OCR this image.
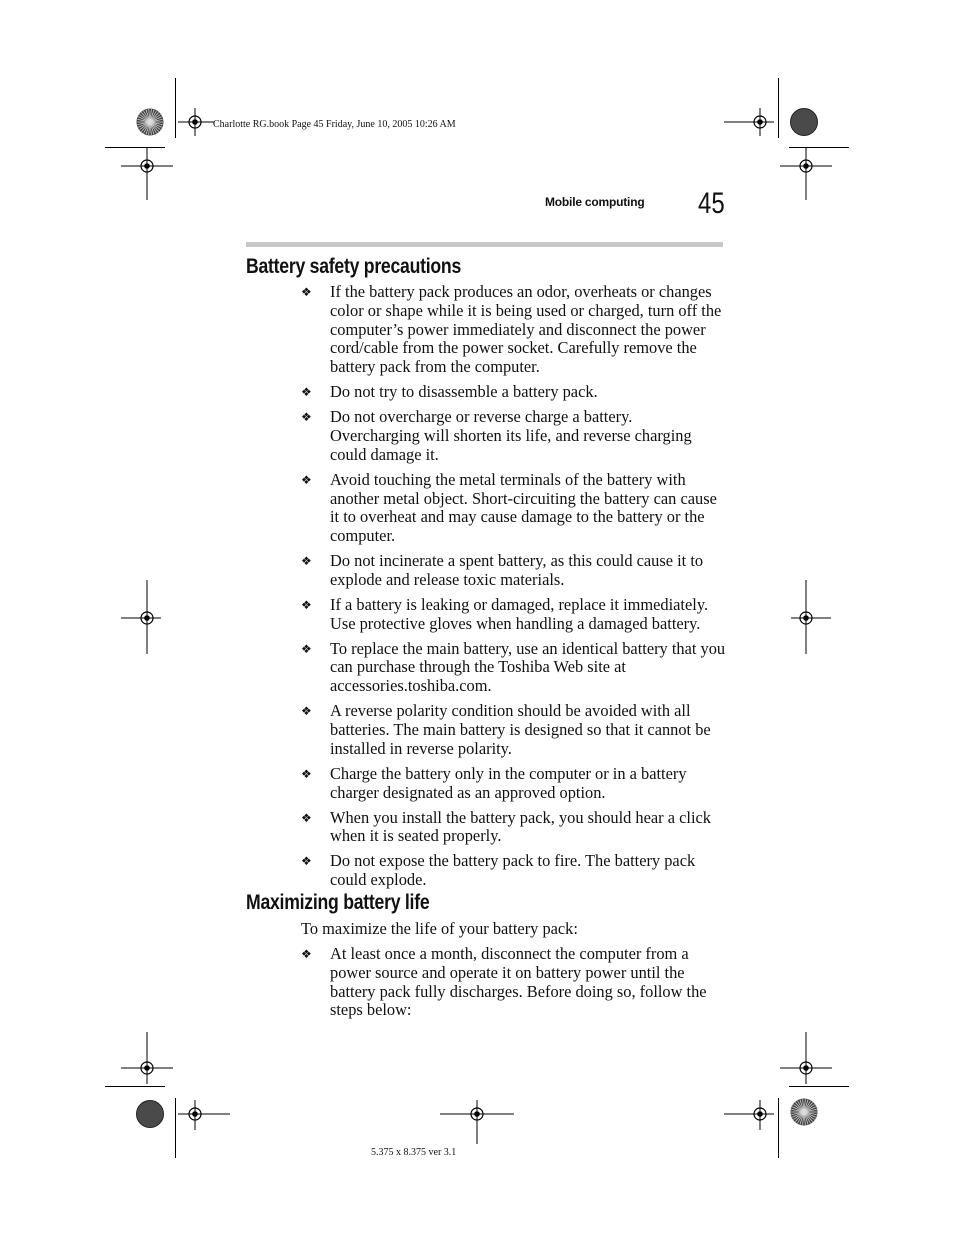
Charlotte RG.book Page 45 Friday, June 10, 2005 10:26 AM
Mobile computing 45
Battery safety precautions
❖ If the battery pack produces an odor, overheats or changes color or shape while it is being used or charged, turn off the computer’s power immediately and disconnect the power cord/cable from the power socket. Carefully remove the battery pack from the computer.
❖ Do not try to disassemble a battery pack.
❖ Do not overcharge or reverse charge a battery. Overcharging will shorten its life, and reverse charging could damage it.
❖ Avoid touching the metal terminals of the battery with another metal object. Short-circuiting the battery can cause it to overheat and may cause damage to the battery or the computer.
❖ Do not incinerate a spent battery, as this could cause it to explode and release toxic materials.
❖ If a battery is leaking or damaged, replace it immediately. Use protective gloves when handling a damaged battery.
❖ To replace the main battery, use an identical battery that you can purchase through the Toshiba Web site at accessories.toshiba.com.
❖ A reverse polarity condition should be avoided with all batteries. The main battery is designed so that it cannot be installed in reverse polarity.
❖ Charge the battery only in the computer or in a battery charger designated as an approved option.
❖ When you install the battery pack, you should hear a click when it is seated properly.
❖ Do not expose the battery pack to fire. The battery pack could explode.
Maximizing battery life
To maximize the life of your battery pack:
❖ At least once a month, disconnect the computer from a power source and operate it on battery power until the battery pack fully discharges. Before doing so, follow the steps below:
5.375 x 8.375 ver 3.1
